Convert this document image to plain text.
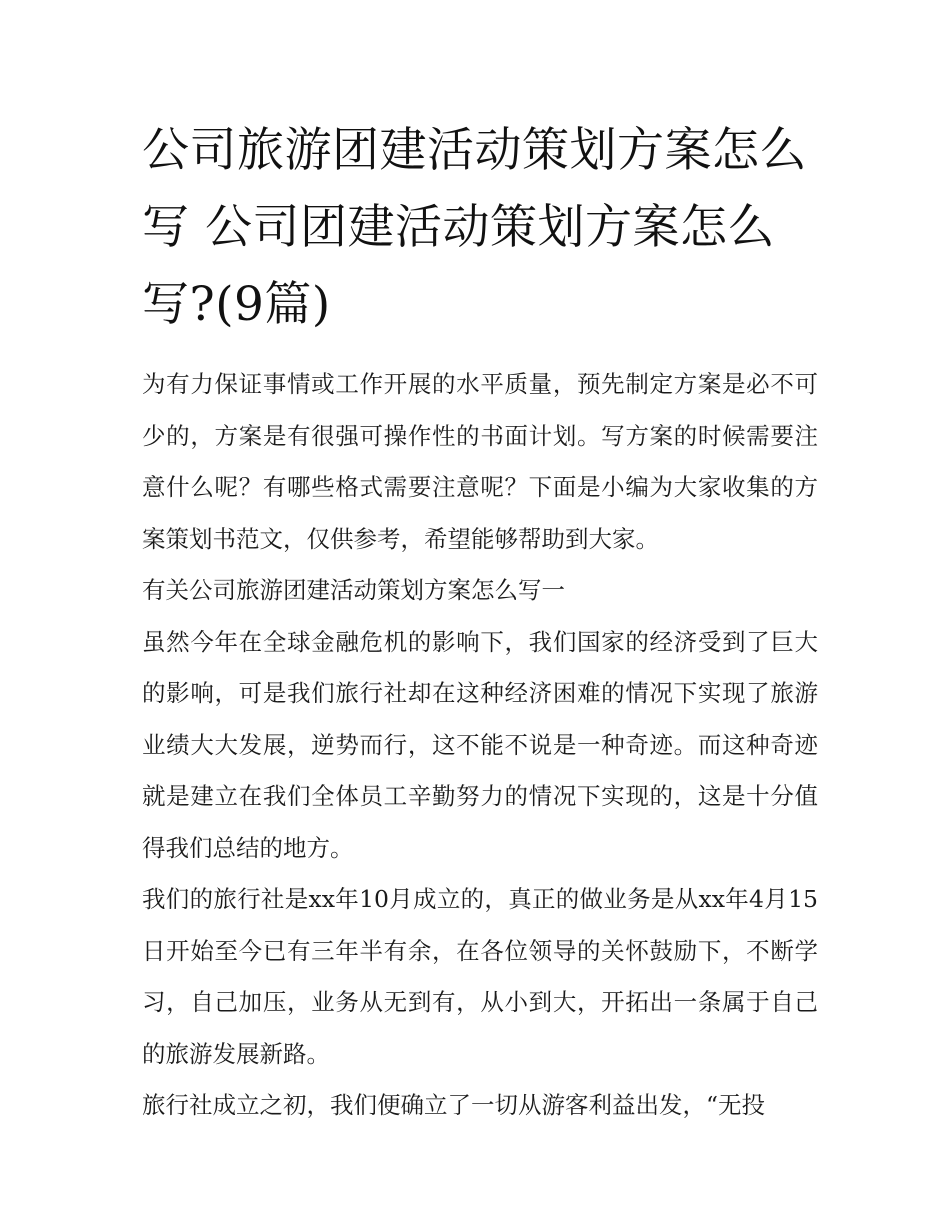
公司旅游团建活动策划方案怎么写 公司团建活动策划方案怎么写?(9篇)

为有力保证事情或工作开展的水平质量，预先制定方案是必不可少的，方案是有很强可操作性的书面计划。写方案的时候需要注意什么呢？有哪些格式需要注意呢？下面是小编为大家收集的方案策划书范文，仅供参考，希望能够帮助到大家。

有关公司旅游团建活动策划方案怎么写一

虽然今年在全球金融危机的影响下，我们国家的经济受到了巨大的影响，可是我们旅行社却在这种经济困难的情况下实现了旅游业绩大大发展，逆势而行，这不能不说是一种奇迹。而这种奇迹就是建立在我们全体员工辛勤努力的情况下实现的，这是十分值得我们总结的地方。

我们的旅行社是xx年10月成立的，真正的做业务是从xx年4月15日开始至今已有三年半有余，在各位领导的关怀鼓励下，不断学习，自己加压，业务从无到有，从小到大，开拓出一条属于自己的旅游发展新路。

旅行社成立之初，我们便确立了一切从游客利益出发，“无投
